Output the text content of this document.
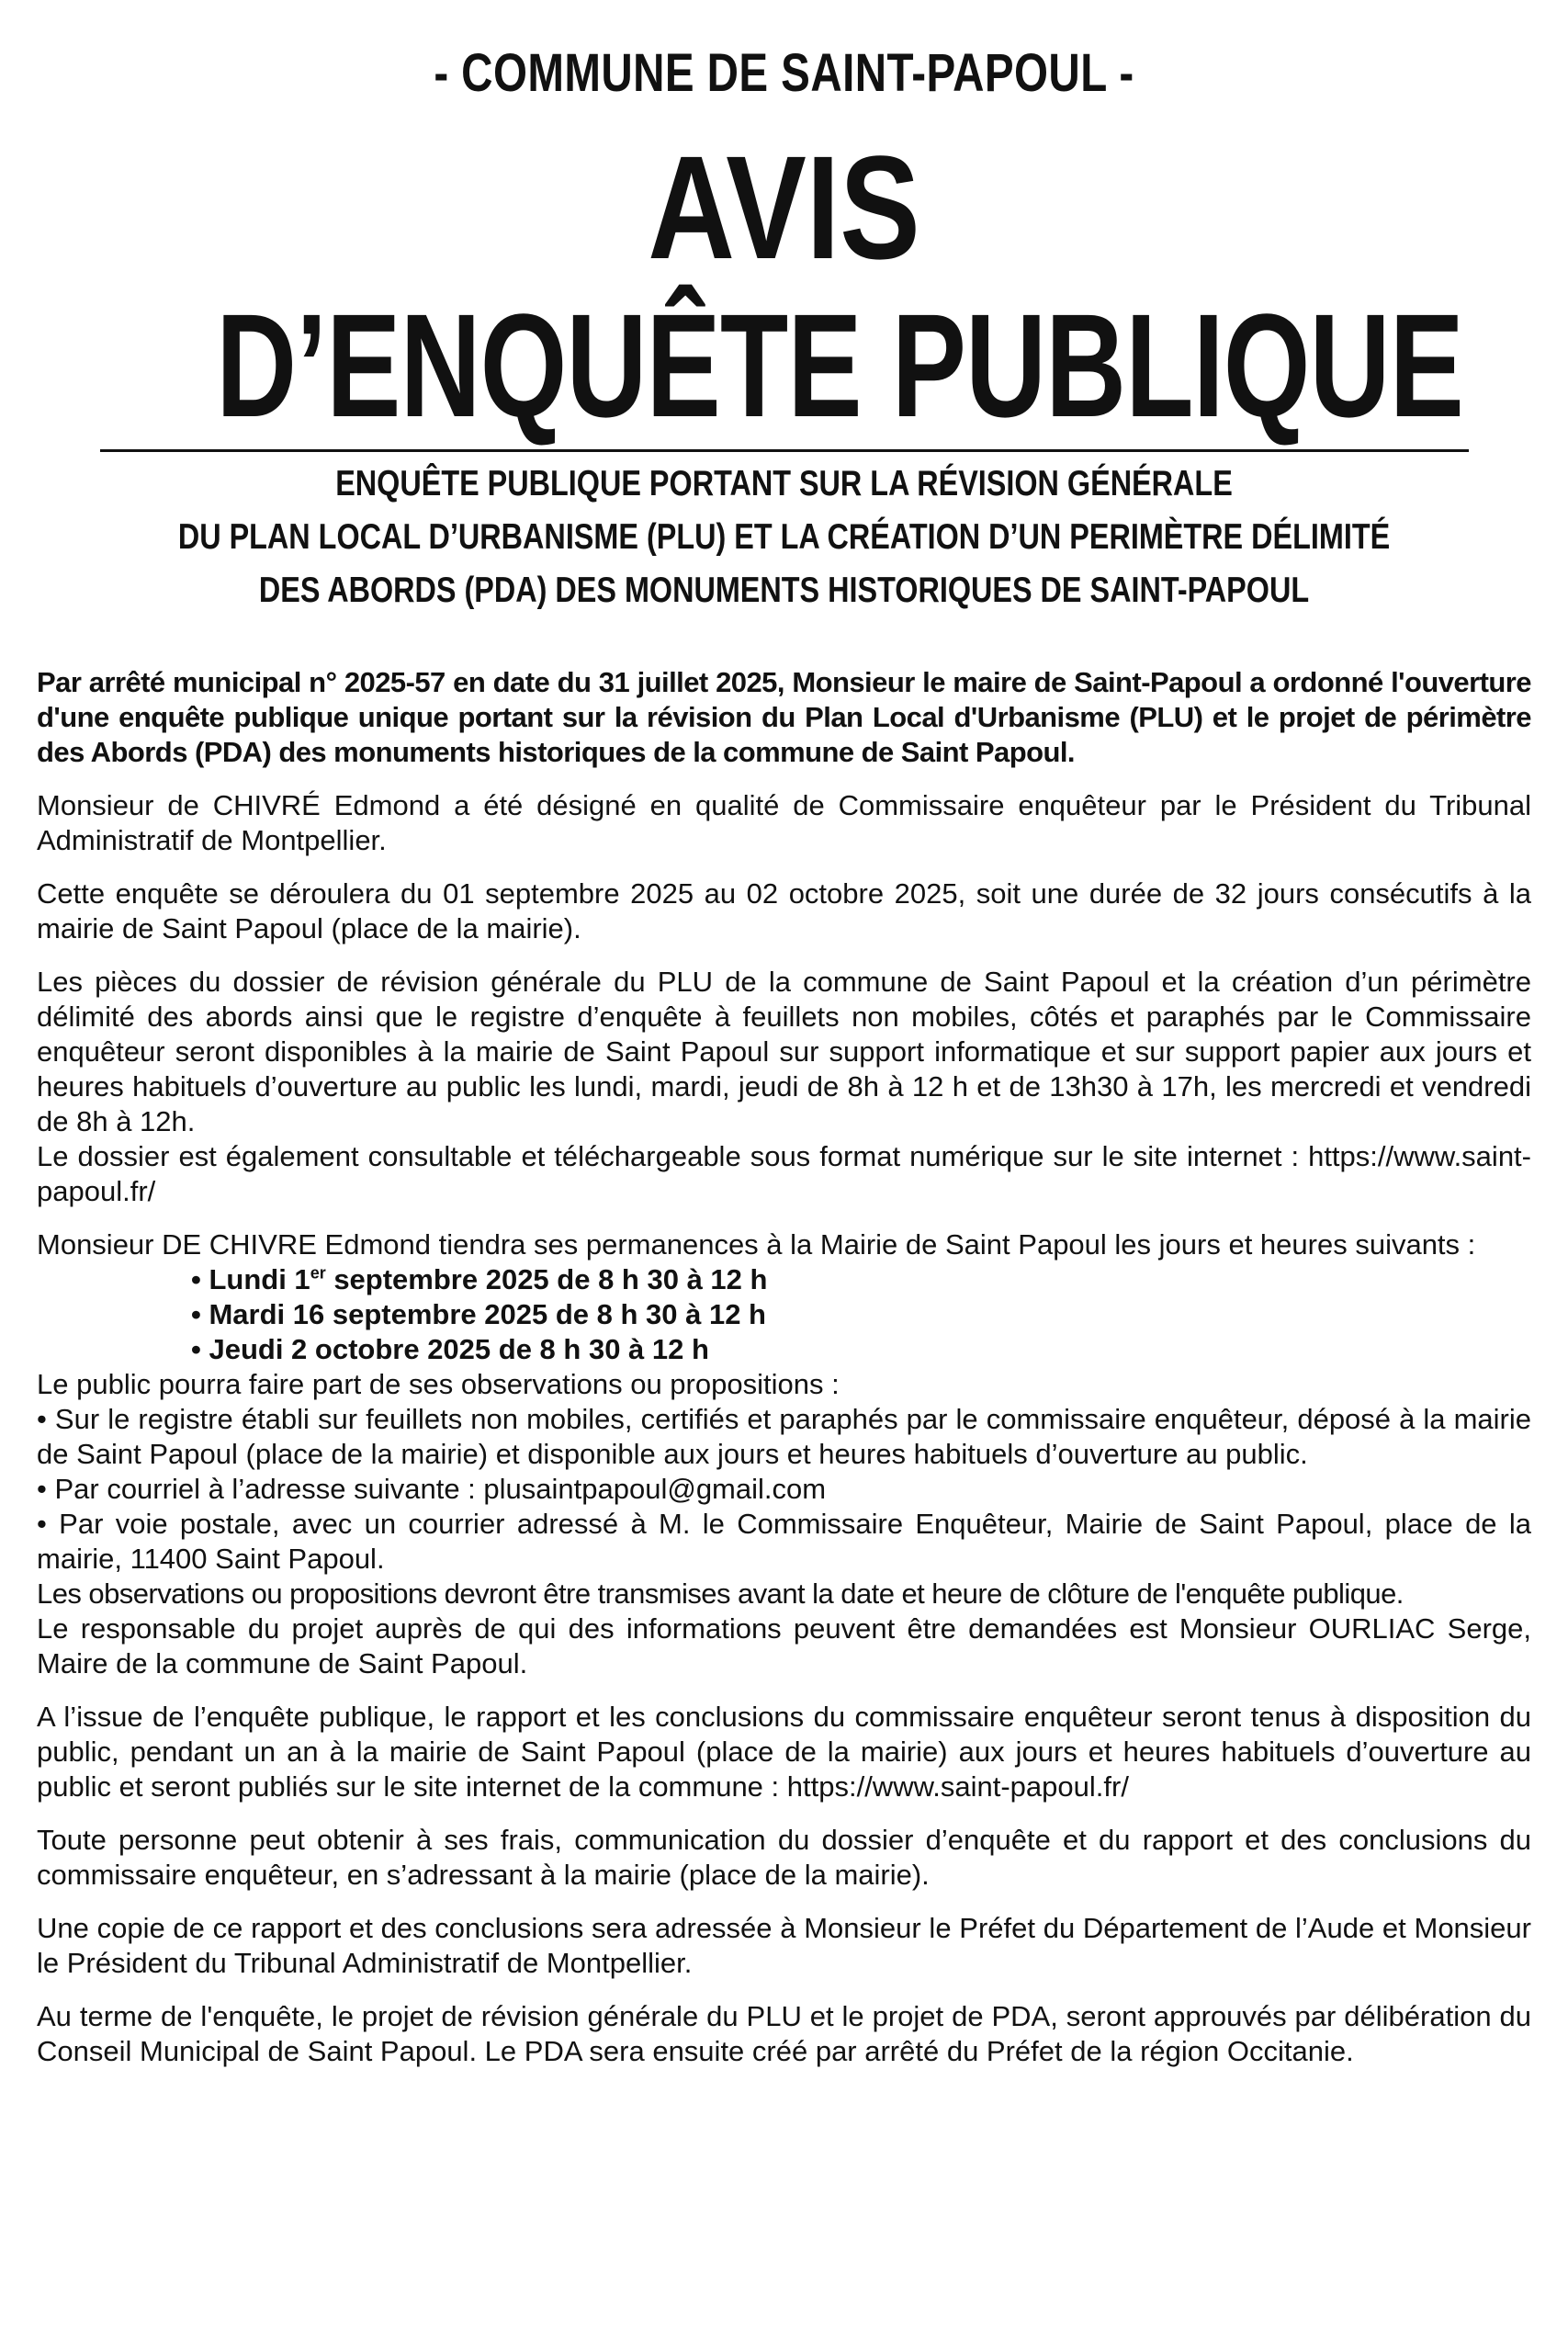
- COMMUNE DE SAINT-PAPOUL -
AVIS
D’ENQUÊTE PUBLIQUE
ENQUÊTE PUBLIQUE PORTANT SUR LA RÉVISION GÉNÉRALE
DU PLAN LOCAL D’URBANISME (PLU) ET LA CRÉATION D’UN PERIMÈTRE DÉLIMITÉ
DES ABORDS (PDA) DES MONUMENTS HISTORIQUES DE SAINT-PAPOUL

Par arrêté municipal n° 2025-57 en date du 31 juillet 2025, Monsieur le maire de Saint-Papoul a ordonné l'ouverture d'une enquête publique unique portant sur la révision du Plan Local d'Urbanisme (PLU) et le projet de périmètre des Abords (PDA) des monuments historiques de la commune de Saint Papoul.

Monsieur de CHIVRÉ Edmond a été désigné en qualité de Commissaire enquêteur par le Président du Tribunal Administratif de Montpellier.

Cette enquête se déroulera du 01 septembre 2025 au 02 octobre 2025, soit une durée de 32 jours consécutifs à la mairie de Saint Papoul (place de la mairie).

Les pièces du dossier de révision générale du PLU de la commune de Saint Papoul et la création d’un périmètre délimité des abords ainsi que le registre d’enquête à feuillets non mobiles, côtés et paraphés par le Commissaire enquêteur seront disponibles à la mairie de Saint Papoul sur support informatique et sur support papier aux jours et heures habituels d’ouverture au public les lundi, mardi, jeudi de 8h à 12 h et de 13h30 à 17h, les mercredi et vendredi de 8h à 12h.
Le dossier est également consultable et téléchargeable sous format numérique sur le site internet : https://www.saint-papoul.fr/
Monsieur DE CHIVRE Edmond tiendra ses permanences à la Mairie de Saint Papoul les jours et heures suivants :
• Lundi 1er septembre 2025 de 8 h 30 à 12 h
• Mardi 16 septembre 2025 de 8 h 30 à 12 h
• Jeudi 2 octobre 2025 de 8 h 30 à 12 h
Le public pourra faire part de ses observations ou propositions :
• Sur le registre établi sur feuillets non mobiles, certifiés et paraphés par le commissaire enquêteur, déposé à la mairie de Saint Papoul (place de la mairie) et disponible aux jours et heures habituels d’ouverture au public.
• Par courriel à l’adresse suivante : plusaintpapoul@gmail.com
• Par voie postale, avec un courrier adressé à M. le Commissaire Enquêteur, Mairie de Saint Papoul, place de la mairie, 11400 Saint Papoul.
Les observations ou propositions devront être transmises avant la date et heure de clôture de l'enquête publique.
Le responsable du projet auprès de qui des informations peuvent être demandées est Monsieur OURLIAC Serge, Maire de la commune de Saint Papoul.

A l’issue de l’enquête publique, le rapport et les conclusions du commissaire enquêteur seront tenus à disposition du public, pendant un an à la mairie de Saint Papoul (place de la mairie) aux jours et heures habituels d’ouverture au public et seront publiés sur le site internet de la commune : https://www.saint-papoul.fr/

Toute personne peut obtenir à ses frais, communication du dossier d’enquête et du rapport et des conclusions du commissaire enquêteur, en s’adressant à la mairie (place de la mairie).

Une copie de ce rapport et des conclusions sera adressée à Monsieur le Préfet du Département de l’Aude et Monsieur le Président du Tribunal Administratif de Montpellier.

Au terme de l'enquête, le projet de révision générale du PLU et le projet de PDA, seront approuvés par délibération du Conseil Municipal de Saint Papoul. Le PDA sera ensuite créé par arrêté du Préfet de la région Occitanie.
